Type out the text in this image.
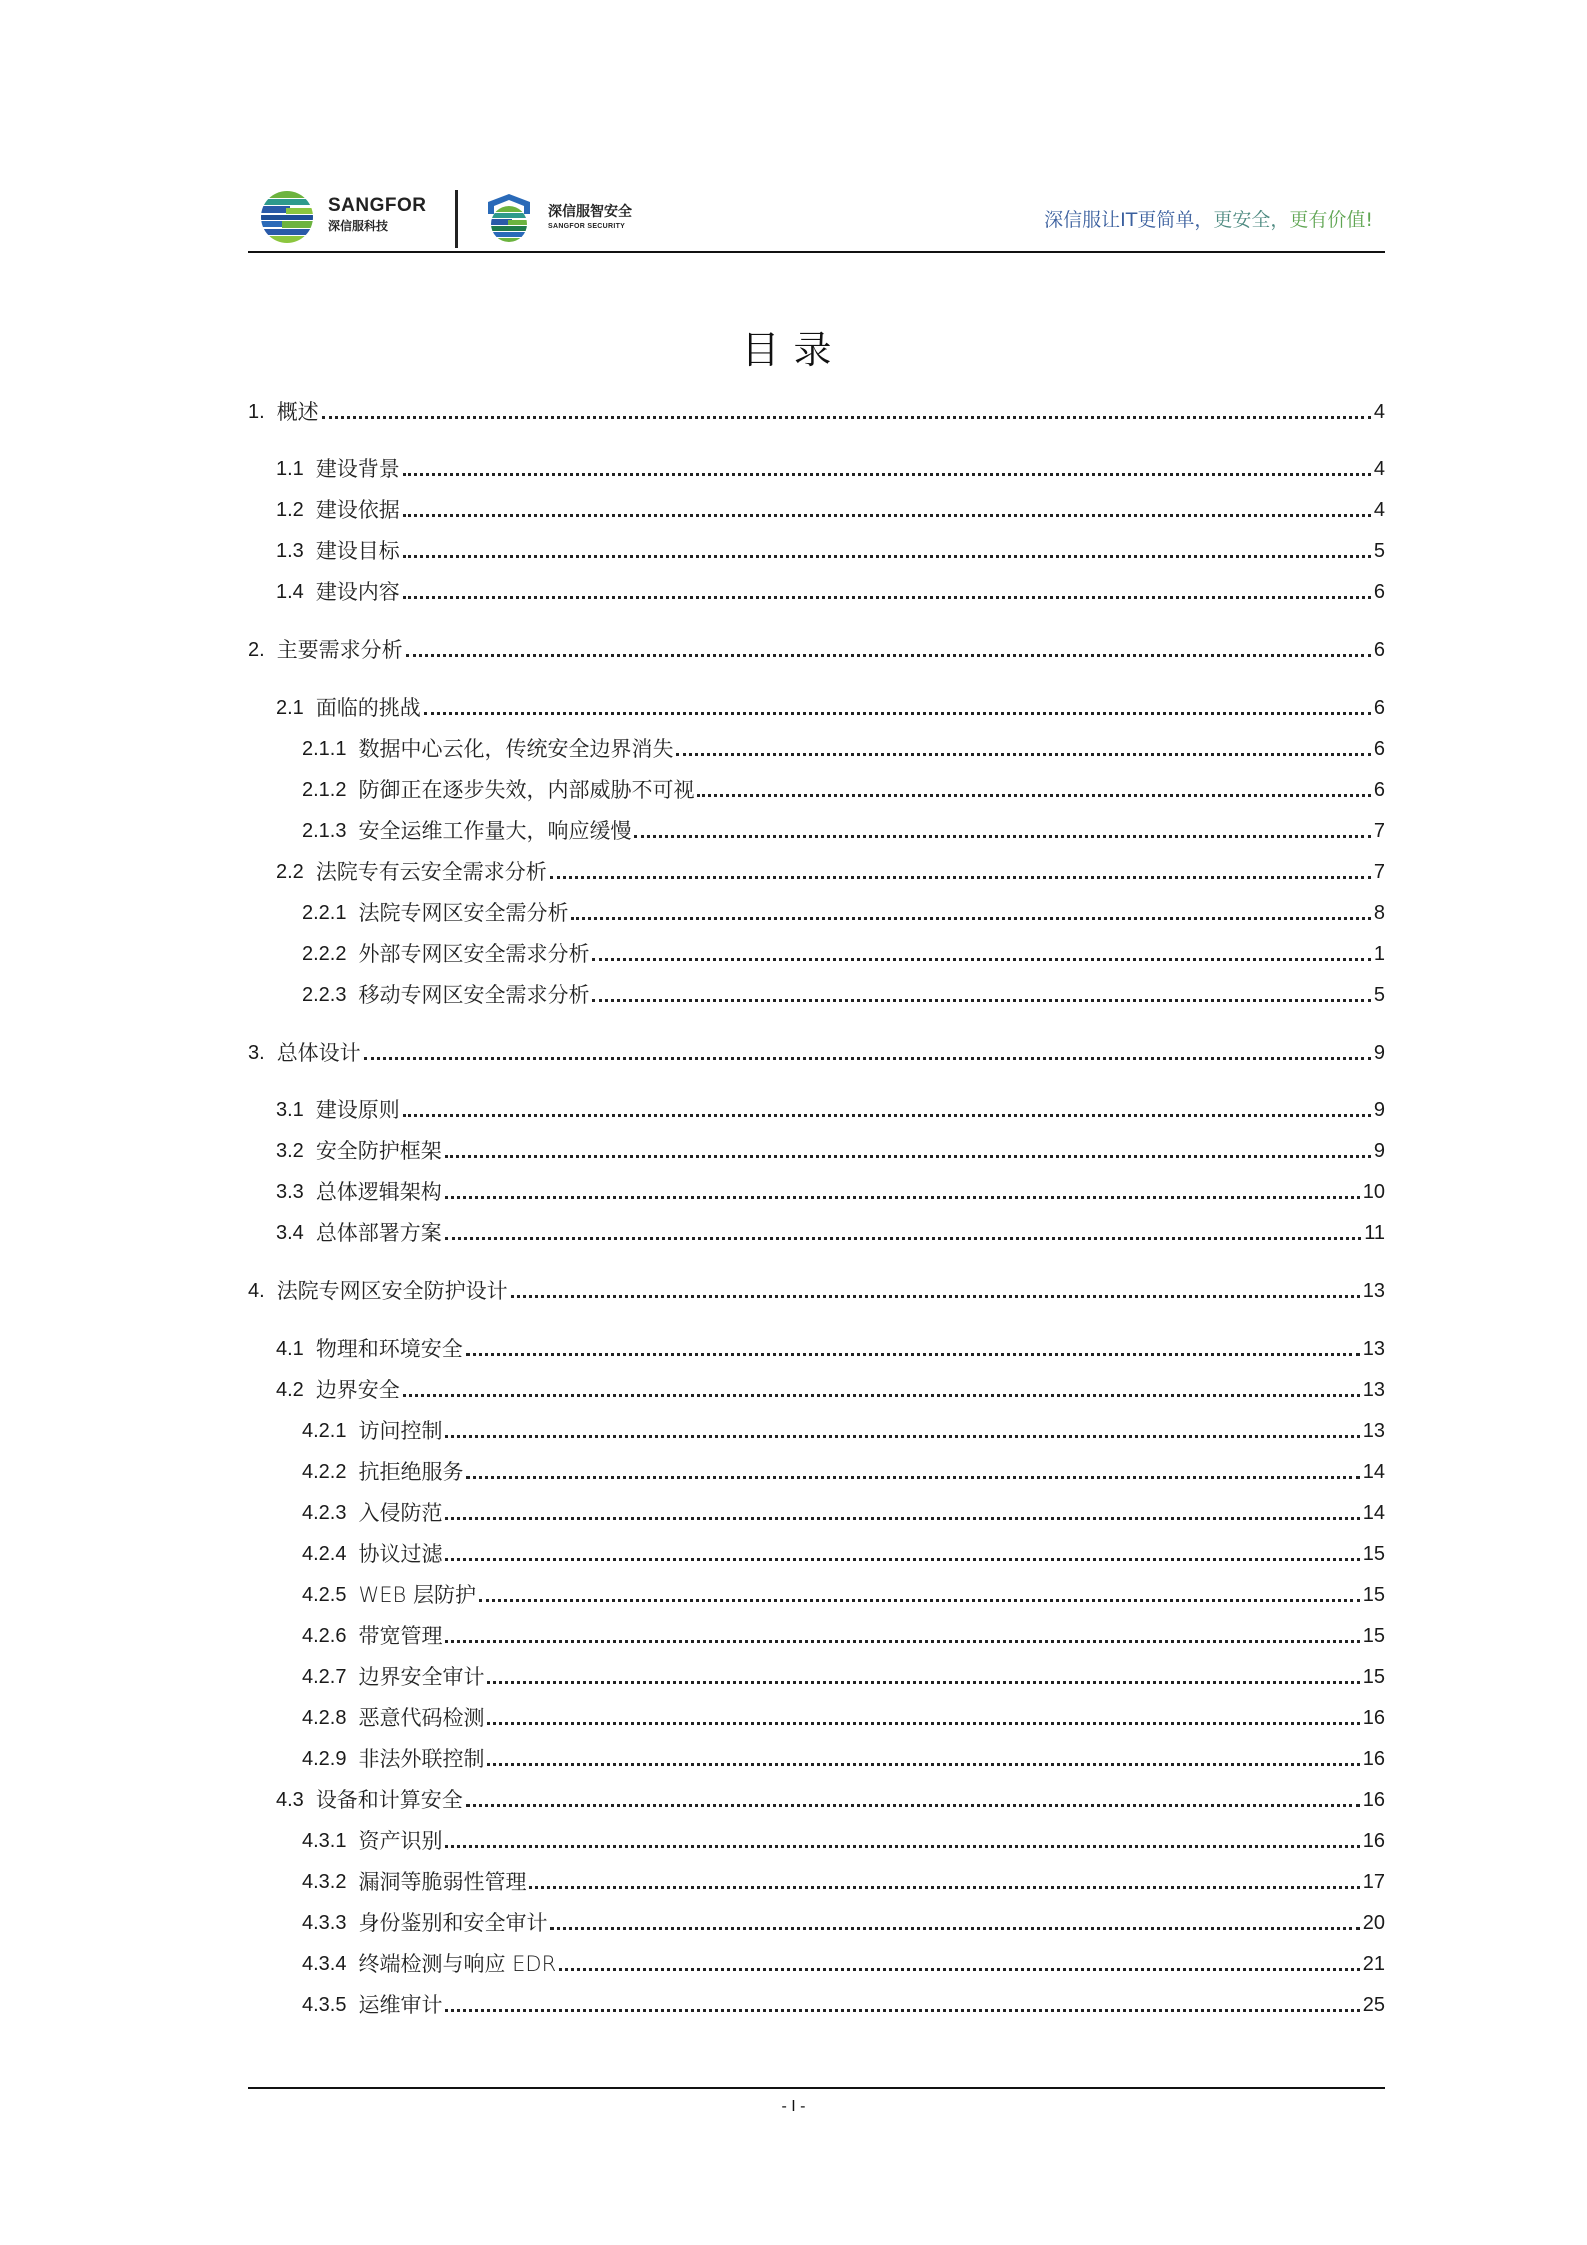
SANGFOR
深信服科技
深信服智安全
SANGFOR SECURITY	深信服让IT更简单，更安全，更有价值!
目录
1. 概述	4
1.1 建设背景	4
1.2 建设依据	4
1.3 建设目标	5
1.4 建设内容	6
2. 主要需求分析	6
2.1 面临的挑战	6
2.1.1 数据中心云化，传统安全边界消失	6
2.1.2 防御正在逐步失效，内部威胁不可视	6
2.1.3 安全运维工作量大，响应缓慢	7
2.2 法院专有云安全需求分析	7
2.2.1 法院专网区安全需分析	8
2.2.2 外部专网区安全需求分析	1
2.2.3 移动专网区安全需求分析	5
3. 总体设计	9
3.1 建设原则	9
3.2 安全防护框架	9
3.3 总体逻辑架构	10
3.4 总体部署方案	11
4. 法院专网区安全防护设计	13
4.1 物理和环境安全	13
4.2 边界安全	13
4.2.1 访问控制	13
4.2.2 抗拒绝服务	14
4.2.3 入侵防范	14
4.2.4 协议过滤	15
4.2.5 WEB 层防护	15
4.2.6 带宽管理	15
4.2.7 边界安全审计	15
4.2.8 恶意代码检测	16
4.2.9 非法外联控制	16
4.3 设备和计算安全	16
4.3.1 资产识别	16
4.3.2 漏洞等脆弱性管理	17
4.3.3 身份鉴别和安全审计	20
4.3.4 终端检测与响应 EDR	21
4.3.5 运维审计	25
- I -
